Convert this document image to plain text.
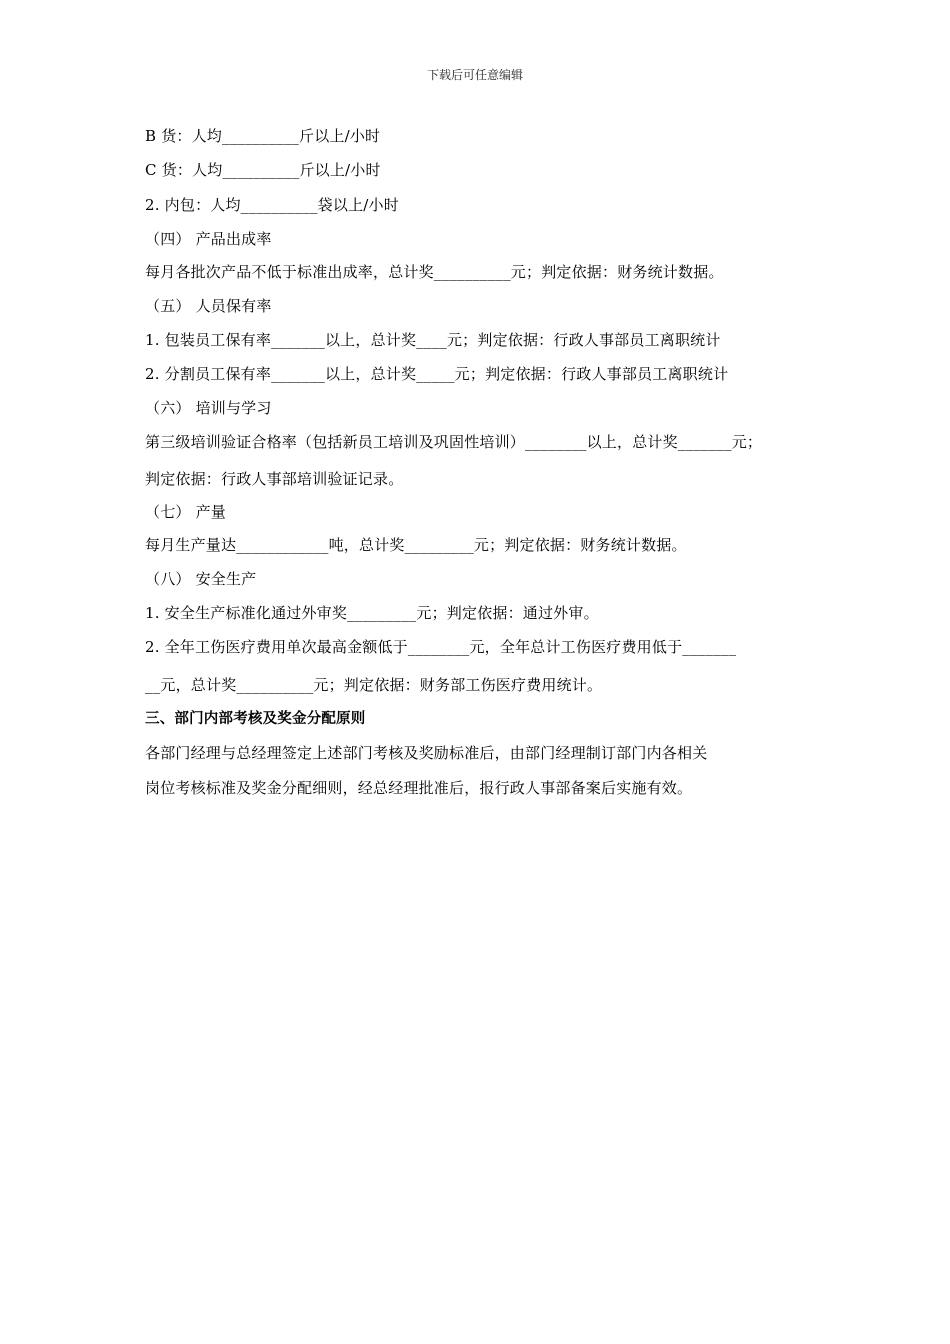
下载后可任意编辑
B 货：人均__________斤以上/小时
C 货：人均__________斤以上/小时
2. 内包：人均__________袋以上/小时
（四） 产品出成率
每月各批次产品不低于标准出成率，总计奖__________元；判定依据：财务统计数据。
（五） 人员保有率
1. 包装员工保有率_______以上，总计奖____元；判定依据：行政人事部员工离职统计
2. 分割员工保有率_______以上，总计奖_____元；判定依据：行政人事部员工离职统计
（六） 培训与学习
第三级培训验证合格率（包括新员工培训及巩固性培训）________以上，总计奖_______元；
判定依据：行政人事部培训验证记录。
（七） 产量
每月生产量达____________吨，总计奖_________元；判定依据：财务统计数据。
（八） 安全生产
1. 安全生产标准化通过外审奖_________元；判定依据：通过外审。
2. 全年工伤医疗费用单次最高金额低于________元，全年总计工伤医疗费用低于_______
__元，总计奖__________元；判定依据：财务部工伤医疗费用统计。
三、部门内部考核及奖金分配原则
各部门经理与总经理签定上述部门考核及奖励标准后，由部门经理制订部门内各相关
岗位考核标准及奖金分配细则，经总经理批准后，报行政人事部备案后实施有效。
